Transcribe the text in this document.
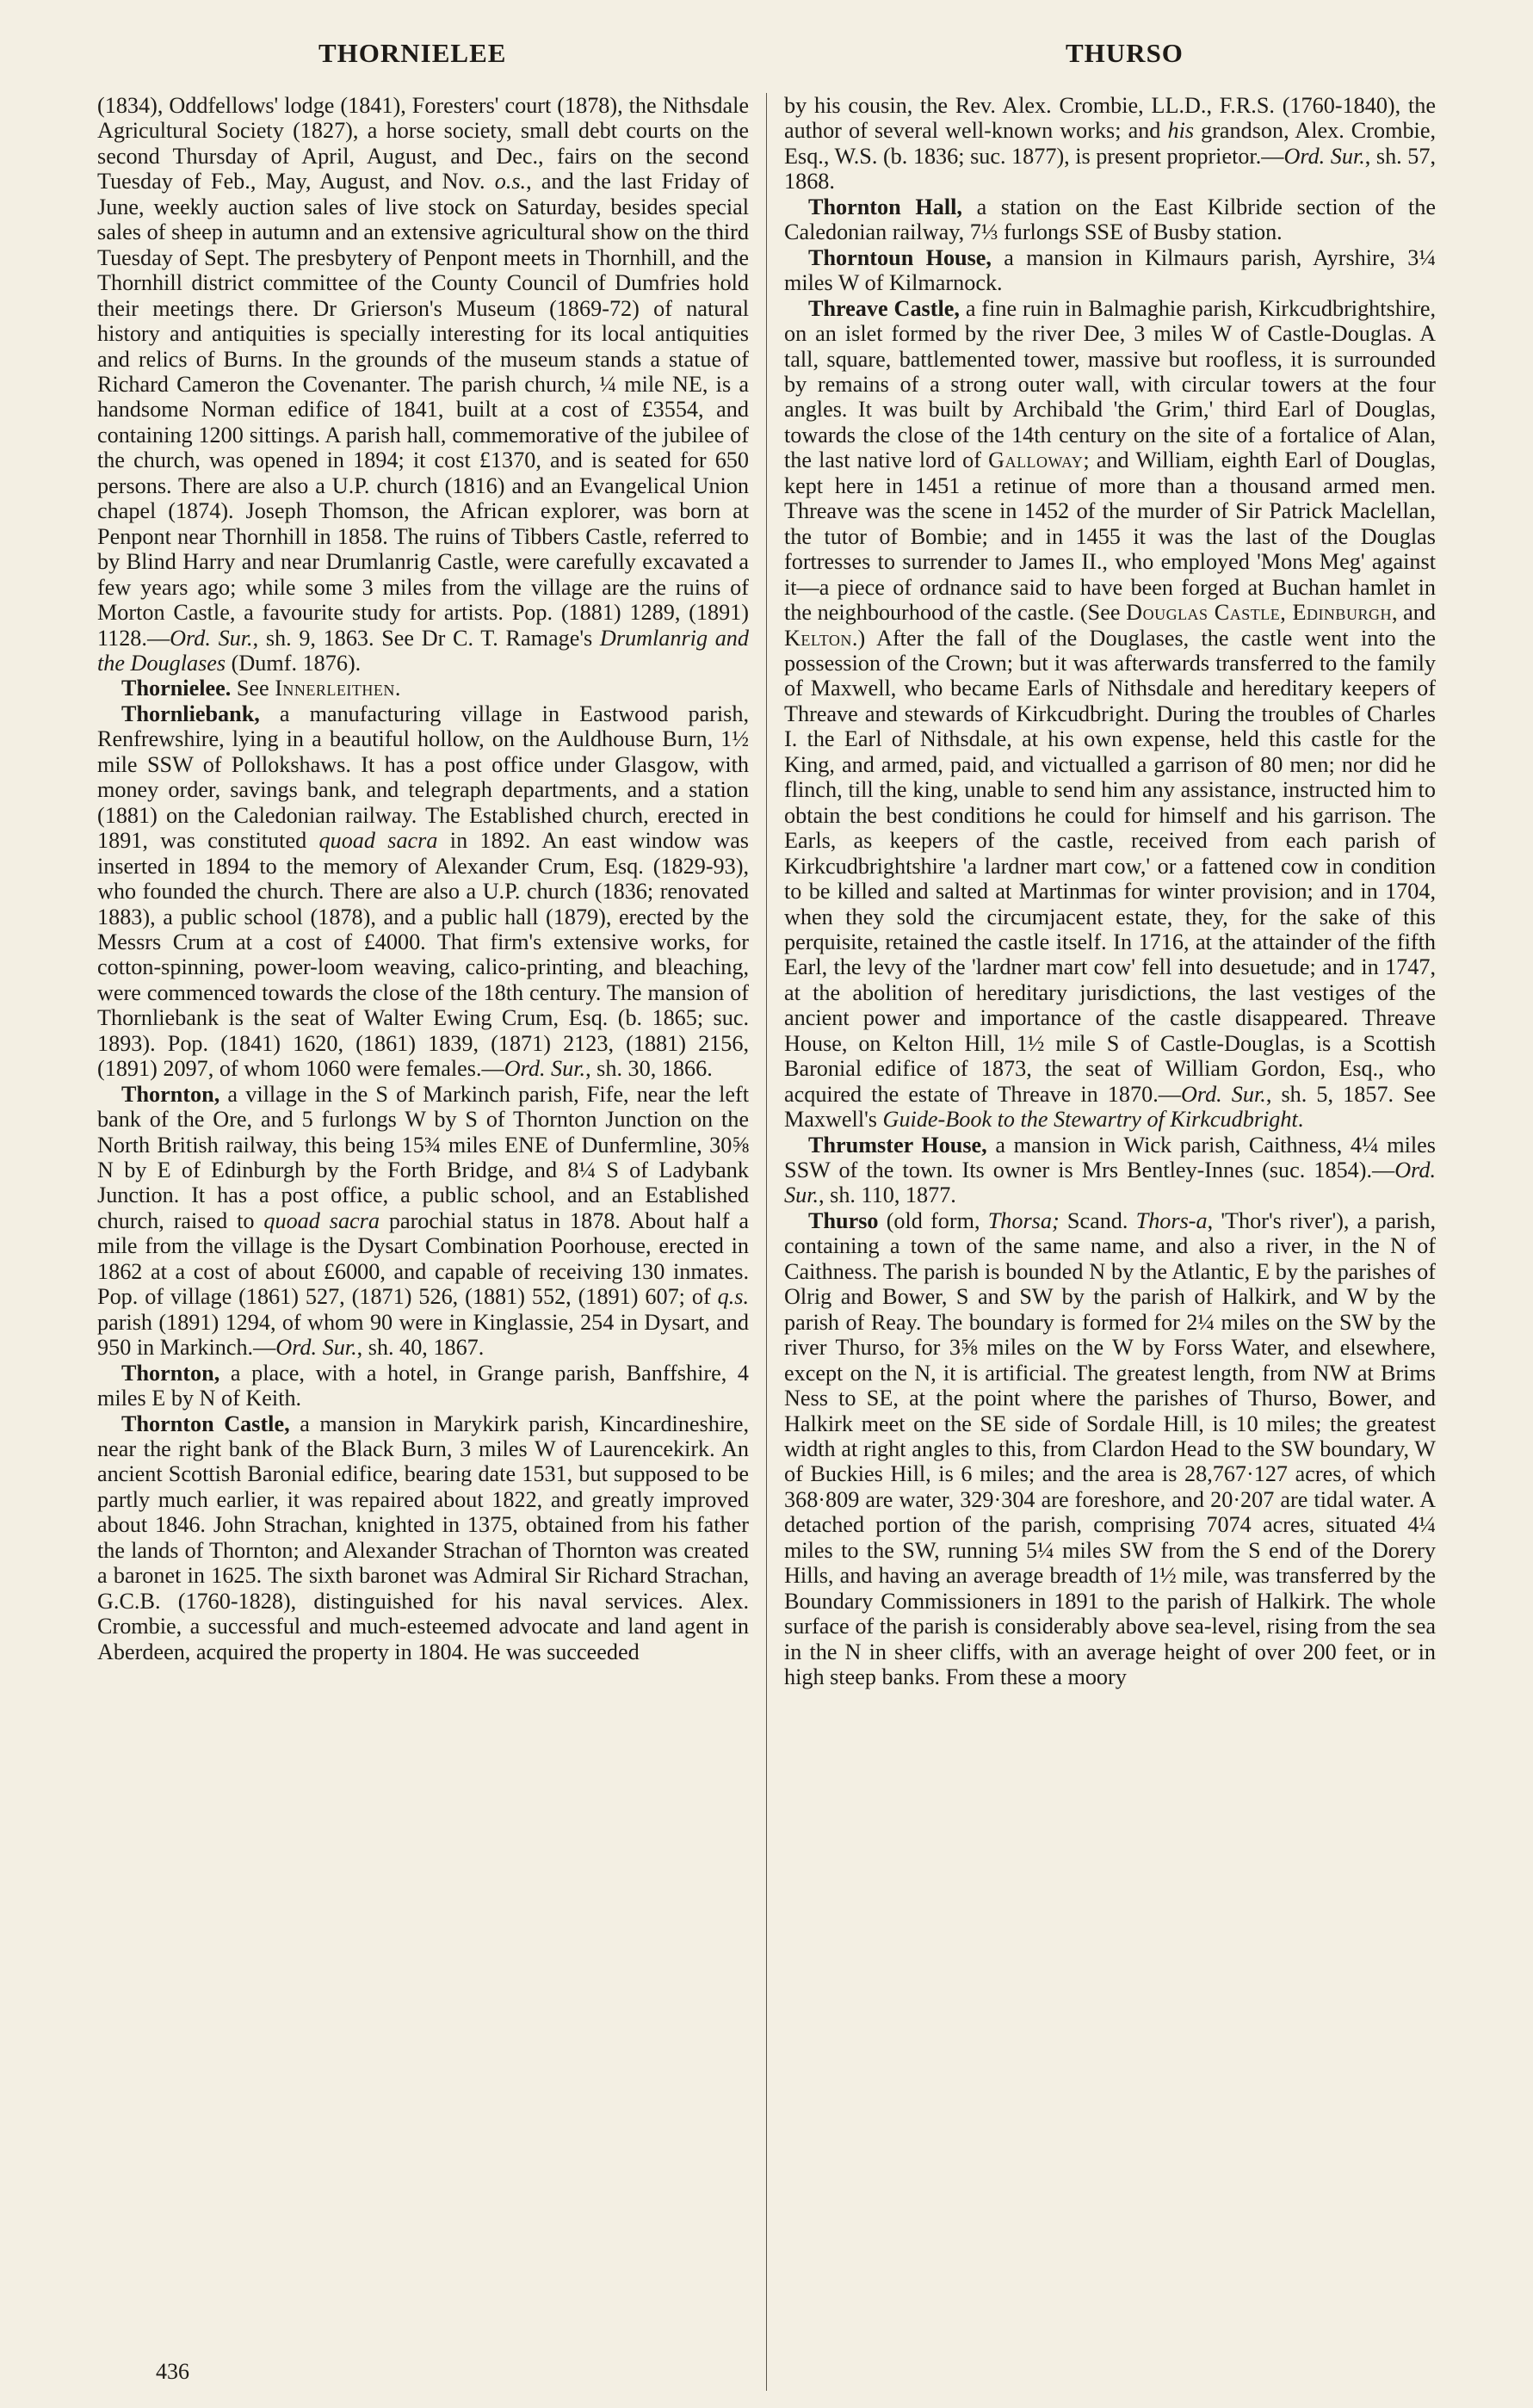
THORNIELEE	THURSO

(1834), Oddfellows' lodge (1841), Foresters' court (1878), the Nithsdale Agricultural Society (1827), a horse society, small debt courts on the second Thursday of April, August, and Dec., fairs on the second Tuesday of Feb., May, August, and Nov. o.s., and the last Friday of June, weekly auction sales of live stock on Saturday, besides special sales of sheep in autumn and an extensive agricultural show on the third Tuesday of Sept. The presbytery of Penpont meets in Thornhill, and the Thornhill district committee of the County Council of Dumfries hold their meetings there. Dr Grierson's Museum (1869-72) of natural history and antiquities is specially interesting for its local antiquities and relics of Burns. In the grounds of the museum stands a statue of Richard Cameron the Covenanter. The parish church, ¼ mile NE, is a handsome Norman edifice of 1841, built at a cost of £3554, and containing 1200 sittings. A parish hall, commemorative of the jubilee of the church, was opened in 1894; it cost £1370, and is seated for 650 persons. There are also a U.P. church (1816) and an Evangelical Union chapel (1874). Joseph Thomson, the African explorer, was born at Penpont near Thornhill in 1858. The ruins of Tibbers Castle, referred to by Blind Harry and near Drumlanrig Castle, were carefully excavated a few years ago; while some 3 miles from the village are the ruins of Morton Castle, a favourite study for artists. Pop. (1881) 1289, (1891) 1128.—Ord. Sur., sh. 9, 1863. See Dr C. T. Ramage's Drumlanrig and the Douglases (Dumf. 1876).

Thornielee. See Innerleithen.

Thornliebank, a manufacturing village in Eastwood parish, Renfrewshire, lying in a beautiful hollow, on the Auldhouse Burn, 1½ mile SSW of Pollokshaws. It has a post office under Glasgow, with money order, savings bank, and telegraph departments, and a station (1881) on the Caledonian railway. The Established church, erected in 1891, was constituted quoad sacra in 1892. An east window was inserted in 1894 to the memory of Alexander Crum, Esq. (1829-93), who founded the church. There are also a U.P. church (1836; renovated 1883), a public school (1878), and a public hall (1879), erected by the Messrs Crum at a cost of £4000. That firm's extensive works, for cotton-spinning, power-loom weaving, calico-printing, and bleaching, were commenced towards the close of the 18th century. The mansion of Thornliebank is the seat of Walter Ewing Crum, Esq. (b. 1865; suc. 1893). Pop. (1841) 1620, (1861) 1839, (1871) 2123, (1881) 2156, (1891) 2097, of whom 1060 were females.—Ord. Sur., sh. 30, 1866.

Thornton, a village in the S of Markinch parish, Fife, near the left bank of the Ore, and 5 furlongs W by S of Thornton Junction on the North British railway, this being 15¾ miles ENE of Dunfermline, 30⅝ N by E of Edinburgh by the Forth Bridge, and 8¼ S of Ladybank Junction. It has a post office, a public school, and an Established church, raised to quoad sacra parochial status in 1878. About half a mile from the village is the Dysart Combination Poorhouse, erected in 1862 at a cost of about £6000, and capable of receiving 130 inmates. Pop. of village (1861) 527, (1871) 526, (1881) 552, (1891) 607; of q.s. parish (1891) 1294, of whom 90 were in Kinglassie, 254 in Dysart, and 950 in Markinch.—Ord. Sur., sh. 40, 1867.

Thornton, a place, with a hotel, in Grange parish, Banffshire, 4 miles E by N of Keith.

Thornton Castle, a mansion in Marykirk parish, Kincardineshire, near the right bank of the Black Burn, 3 miles W of Laurencekirk. An ancient Scottish Baronial edifice, bearing date 1531, but supposed to be partly much earlier, it was repaired about 1822, and greatly improved about 1846. John Strachan, knighted in 1375, obtained from his father the lands of Thornton; and Alexander Strachan of Thornton was created a baronet in 1625. The sixth baronet was Admiral Sir Richard Strachan, G.C.B. (1760-1828), distinguished for his naval services. Alex. Crombie, a successful and much-esteemed advocate and land agent in Aberdeen, acquired the property in 1804. He was succeeded

by his cousin, the Rev. Alex. Crombie, LL.D., F.R.S. (1760-1840), the author of several well-known works; and his grandson, Alex. Crombie, Esq., W.S. (b. 1836; suc. 1877), is present proprietor.—Ord. Sur., sh. 57, 1868.

Thornton Hall, a station on the East Kilbride section of the Caledonian railway, 7⅓ furlongs SSE of Busby station.

Thorntoun House, a mansion in Kilmaurs parish, Ayrshire, 3¼ miles W of Kilmarnock.

Threave Castle, a fine ruin in Balmaghie parish, Kirkcudbrightshire, on an islet formed by the river Dee, 3 miles W of Castle-Douglas. A tall, square, battlemented tower, massive but roofless, it is surrounded by remains of a strong outer wall, with circular towers at the four angles. It was built by Archibald 'the Grim,' third Earl of Douglas, towards the close of the 14th century on the site of a fortalice of Alan, the last native lord of Galloway; and William, eighth Earl of Douglas, kept here in 1451 a retinue of more than a thousand armed men. Threave was the scene in 1452 of the murder of Sir Patrick Maclellan, the tutor of Bombie; and in 1455 it was the last of the Douglas fortresses to surrender to James II., who employed 'Mons Meg' against it—a piece of ordnance said to have been forged at Buchan hamlet in the neighbourhood of the castle. (See Douglas Castle, Edinburgh, and Kelton.) After the fall of the Douglases, the castle went into the possession of the Crown; but it was afterwards transferred to the family of Maxwell, who became Earls of Nithsdale and hereditary keepers of Threave and stewards of Kirkcudbright. During the troubles of Charles I. the Earl of Nithsdale, at his own expense, held this castle for the King, and armed, paid, and victualled a garrison of 80 men; nor did he flinch, till the king, unable to send him any assistance, instructed him to obtain the best conditions he could for himself and his garrison. The Earls, as keepers of the castle, received from each parish of Kirkcudbrightshire 'a lardner mart cow,' or a fattened cow in condition to be killed and salted at Martinmas for winter provision; and in 1704, when they sold the circumjacent estate, they, for the sake of this perquisite, retained the castle itself. In 1716, at the attainder of the fifth Earl, the levy of the 'lardner mart cow' fell into desuetude; and in 1747, at the abolition of hereditary jurisdictions, the last vestiges of the ancient power and importance of the castle disappeared. Threave House, on Kelton Hill, 1½ mile S of Castle-Douglas, is a Scottish Baronial edifice of 1873, the seat of William Gordon, Esq., who acquired the estate of Threave in 1870.—Ord. Sur., sh. 5, 1857. See Maxwell's Guide-Book to the Stewartry of Kirkcudbright.

Thrumster House, a mansion in Wick parish, Caithness, 4¼ miles SSW of the town. Its owner is Mrs Bentley-Innes (suc. 1854).—Ord. Sur., sh. 110, 1877.

Thurso (old form, Thorsa; Scand. Thors-a, 'Thor's river'), a parish, containing a town of the same name, and also a river, in the N of Caithness. The parish is bounded N by the Atlantic, E by the parishes of Olrig and Bower, S and SW by the parish of Halkirk, and W by the parish of Reay. The boundary is formed for 2¼ miles on the SW by the river Thurso, for 3⅝ miles on the W by Forss Water, and elsewhere, except on the N, it is artificial. The greatest length, from NW at Brims Ness to SE, at the point where the parishes of Thurso, Bower, and Halkirk meet on the SE side of Sordale Hill, is 10 miles; the greatest width at right angles to this, from Clardon Head to the SW boundary, W of Buckies Hill, is 6 miles; and the area is 28,767·127 acres, of which 368·809 are water, 329·304 are foreshore, and 20·207 are tidal water. A detached portion of the parish, comprising 7074 acres, situated 4¼ miles to the SW, running 5¼ miles SW from the S end of the Dorery Hills, and having an average breadth of 1½ mile, was transferred by the Boundary Commissioners in 1891 to the parish of Halkirk. The whole surface of the parish is considerably above sea-level, rising from the sea in the N in sheer cliffs, with an average height of over 200 feet, or in high steep banks. From these a moory

436
